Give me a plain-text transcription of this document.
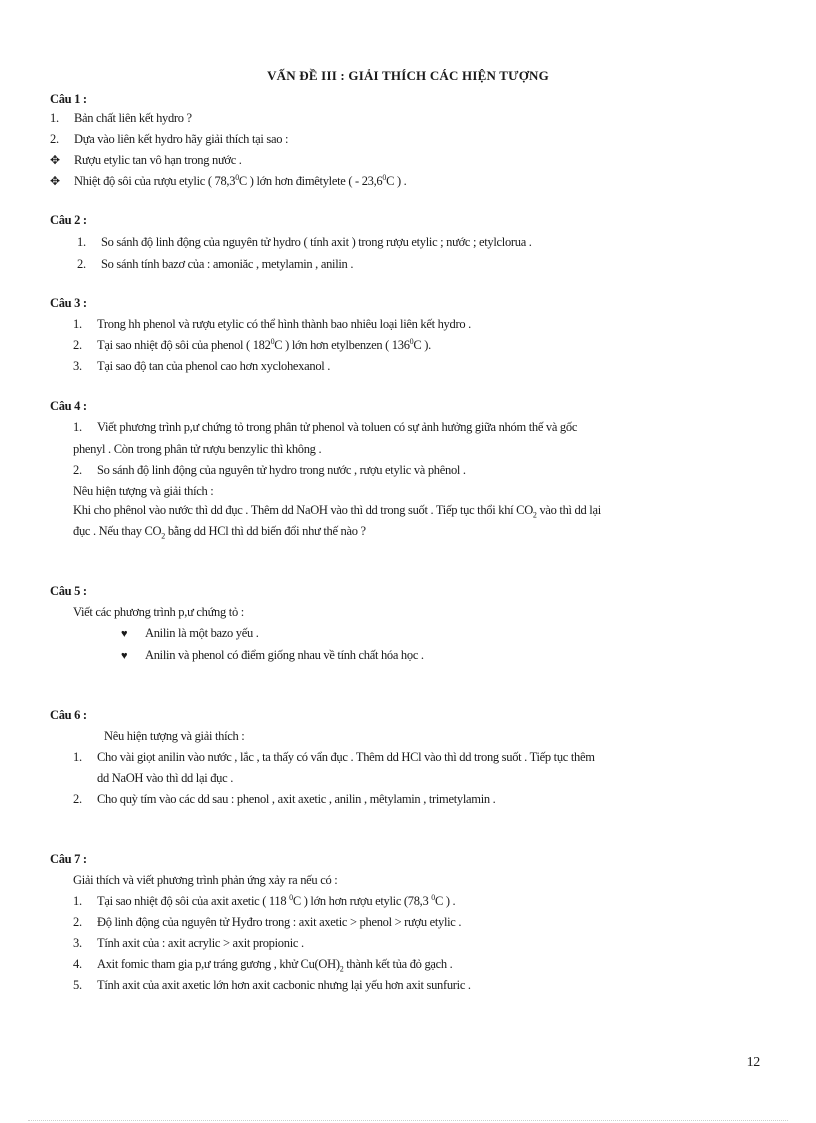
VẤN ĐỀ III : GIẢI THÍCH CÁC HIỆN TƯỢNG
Câu 1 :
1. Bản chất liên kết hydro ?
2. Dựa vào liên kết hydro hãy giải thích tại sao :
✥ Rượu etylic tan vô hạn trong nước .
✥ Nhiệt độ sôi của rượu etylic ( 78,3$^0$C ) lớn hơn đimêtylete ( - 23,6$^0$C ) .
Câu 2 :
1. So sánh độ linh động của nguyên tử hydro ( tính axit ) trong rượu etylic ; nước ; etylclorua .
2. So sánh tính bazơ của : amoniăc , metylamin , anilin .
Câu 3 :
1. Trong hh phenol và rượu etylic có thể hình thành bao nhiêu loại liên kết hydro .
2. Tại sao nhiệt độ sôi của phenol ( $182^0C$ ) lớn hơn etylbenzen ( $136^0C$ ).
3. Tại sao độ tan của phenol cao hơn xyclohexanol .
Câu 4 :
1. Viết phương trình p,ư chứng tỏ trong phân tử phenol và toluen có sự ảnh hưởng giữa nhóm thế và gốc
phenyl . Còn trong phân tử rượu benzylic thì không .
2. So sánh độ linh động của nguyên tử hydro trong nước , rượu etylic và phênol .
Nêu hiện tượng và giải thích :
Khi cho phênol vào nước thì dd đục . Thêm dd NaOH vào thì dd trong suốt . Tiếp tục thổi khí $CO_2$ vào thì dd lại
đục . Nếu thay $CO_2$ bằng dd HCl thì dd biến đổi như thế nào ?
Câu 5 :
Viết các phương trình p,ư chứng tỏ :
♥ Anilin là một bazo yếu .
♥ Anilin và phenol có điểm giống nhau về tính chất hóa học .
Câu 6 :
Nêu hiện tượng và giải thích :
1. Cho vài giọt anilin vào nước , lắc , ta thấy có vẩn đục . Thêm dd HCl vào thì dd trong suốt . Tiếp tục thêm
dd NaOH vào thì dd lại đục .
2. Cho quỳ tím vào các dd sau : phenol , axit axetic , anilin , mêtylamin , trimetylamin .
Câu 7 :
Giải thích và viết phương trình phản ứng xảy ra nếu có :
1. Tại sao nhiệt độ sôi của axit axetic ( 118 $^0$C ) lớn hơn rượu etylic (78,3 $^0$C ) .
2. Độ linh động của nguyên tử Hyđro trong : axit axetic > phenol > rượu etylic .
3. Tính axit của : axit acrylic > axit propionic .
4. Axit fomic tham gia p,ư tráng gương , khử $Cu(OH)_2$ thành kết tủa đỏ gạch .
5. Tính axit của axit axetic lớn hơn axit cacbonic nhưng lại yếu hơn axit sunfuric .
12
